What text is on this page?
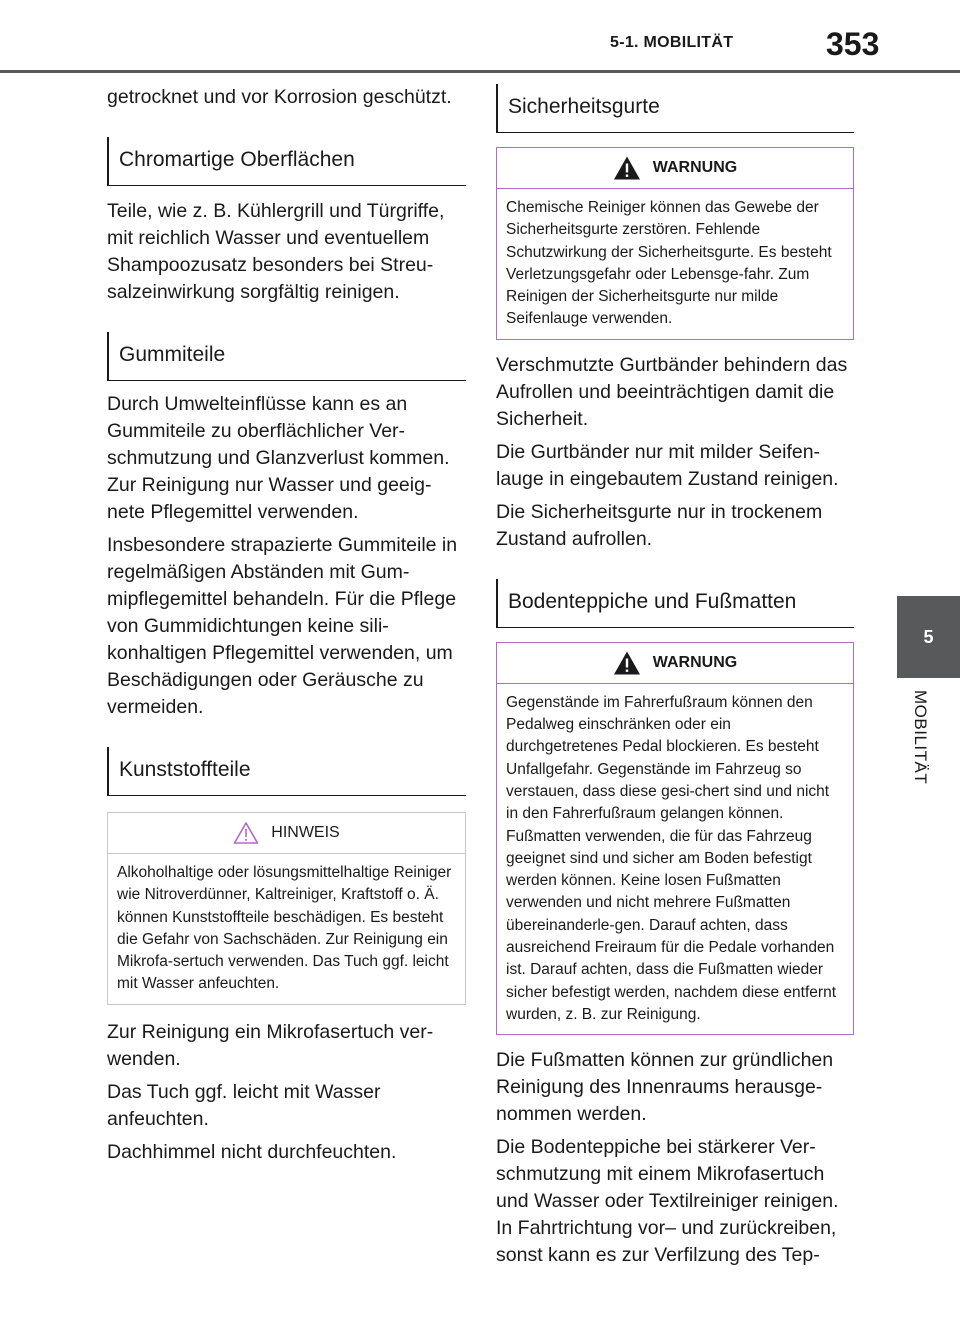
5-1. MOBILITÄT	353
5
MOBILITÄT

getrocknet und vor Korrosion geschützt.

Chromartige Oberflächen

Teile, wie z. B. Kühlergrill und Türgriffe, mit reichlich Wasser und eventuellem Shampoozusatz besonders bei Streu-salzeinwirkung sorgfältig reinigen.

Gummiteile

Durch Umwelteinflüsse kann es an Gummiteile zu oberflächlicher Ver-schmutzung und Glanzverlust kommen. Zur Reinigung nur Wasser und geeig-nete Pflegemittel verwenden.

Insbesondere strapazierte Gummiteile in regelmäßigen Abständen mit Gum-mipflegemittel behandeln. Für die Pflege von Gummidichtungen keine sili-konhaltigen Pflegemittel verwenden, um Beschädigungen oder Geräusche zu vermeiden.

Kunststoffteile
HINWEIS
Alkoholhaltige oder lösungsmittelhaltige Reiniger wie Nitroverdünner, Kaltreiniger, Kraftstoff o. Ä. können Kunststoffteile beschädigen. Es besteht die Gefahr von Sachschäden. Zur Reinigung ein Mikrofa-sertuch verwenden. Das Tuch ggf. leicht mit Wasser anfeuchten.

Zur Reinigung ein Mikrofasertuch ver-wenden.

Das Tuch ggf. leicht mit Wasser anfeuchten.

Dachhimmel nicht durchfeuchten.

Sicherheitsgurte
WARNUNG
Chemische Reiniger können das Gewebe der Sicherheitsgurte zerstören. Fehlende Schutzwirkung der Sicherheitsgurte. Es besteht Verletzungsgefahr oder Lebensge-fahr. Zum Reinigen der Sicherheitsgurte nur milde Seifenlauge verwenden.

Verschmutzte Gurtbänder behindern das Aufrollen und beeinträchtigen damit die Sicherheit.

Die Gurtbänder nur mit milder Seifen-lauge in eingebautem Zustand reinigen.

Die Sicherheitsgurte nur in trockenem Zustand aufrollen.

Bodenteppiche und Fußmatten
WARNUNG
Gegenstände im Fahrerfußraum können den Pedalweg einschränken oder ein durchgetretenes Pedal blockieren. Es besteht Unfallgefahr. Gegenstände im Fahrzeug so verstauen, dass diese gesi-chert sind und nicht in den Fahrerfußraum gelangen können. Fußmatten verwenden, die für das Fahrzeug geeignet sind und sicher am Boden befestigt werden können. Keine losen Fußmatten verwenden und nicht mehrere Fußmatten übereinanderle-gen. Darauf achten, dass ausreichend Freiraum für die Pedale vorhanden ist. Darauf achten, dass die Fußmatten wieder sicher befestigt werden, nachdem diese entfernt wurden, z. B. zur Reinigung.

Die Fußmatten können zur gründlichen Reinigung des Innenraums herausge-nommen werden.

Die Bodenteppiche bei stärkerer Ver-schmutzung mit einem Mikrofasertuch und Wasser oder Textilreiniger reinigen. In Fahrtrichtung vor– und zurückreiben, sonst kann es zur Verfilzung des Tep-
